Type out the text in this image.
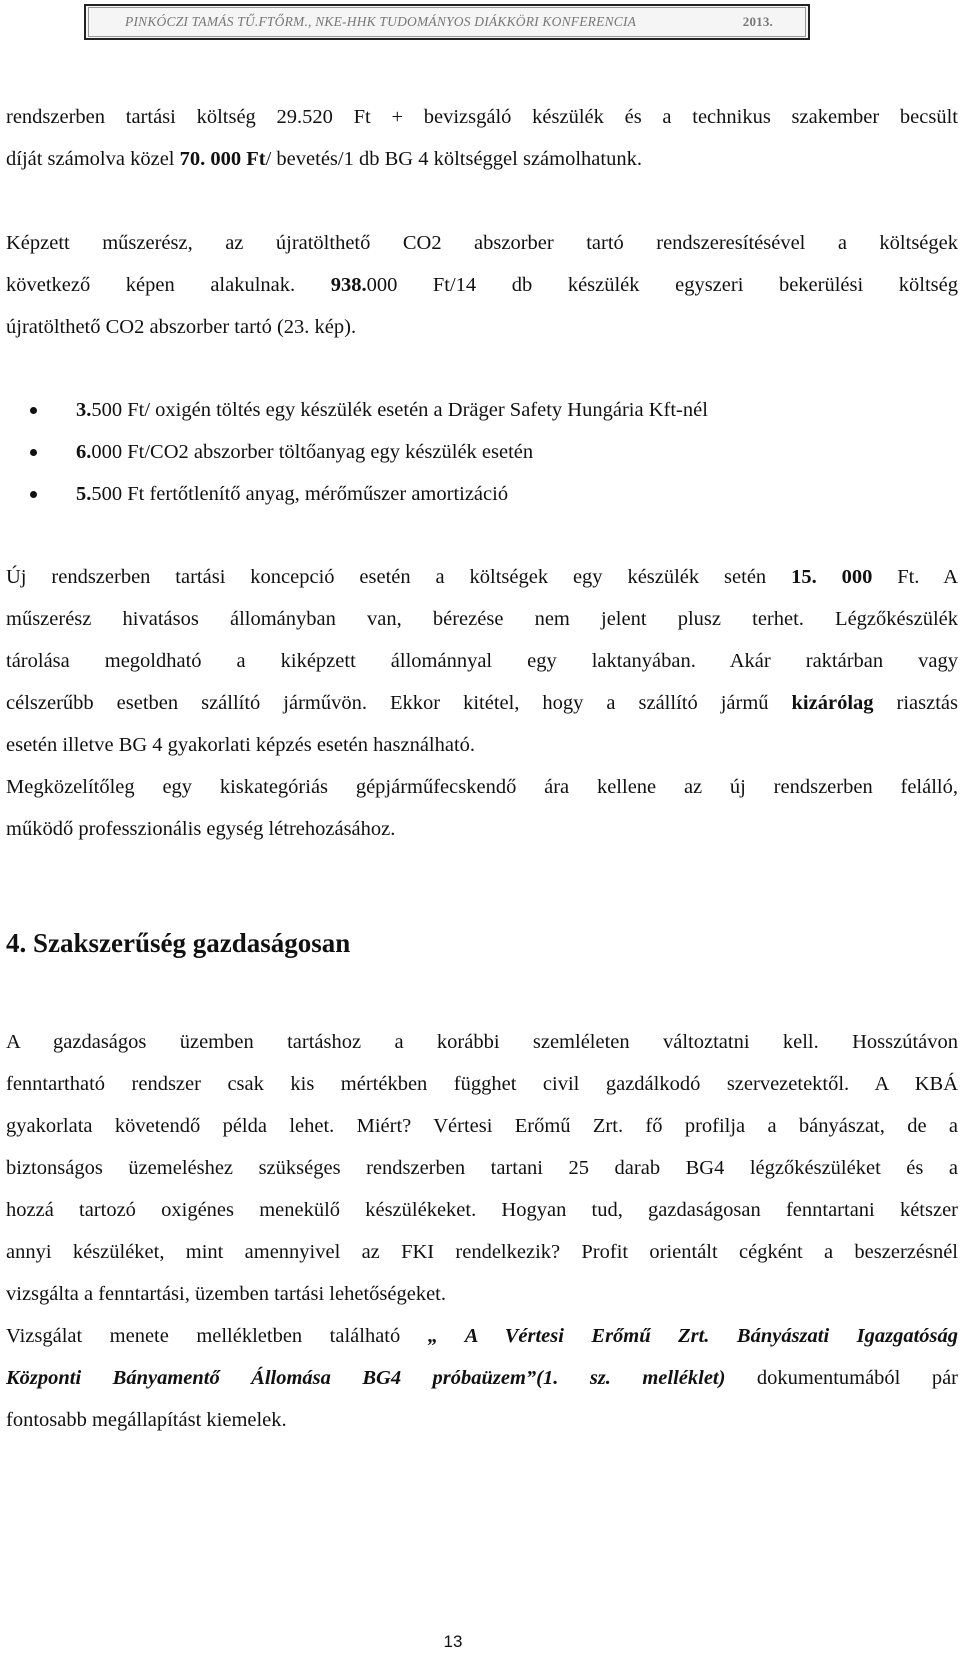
PINKÓCZI TAMÁS TŰ.FTŐRM., NKE-HHK TUDOMÁNYOS DIÁKKÖRI KONFERENCIA	2013.
rendszerben tartási költség 29.520 Ft + bevizsgáló készülék és a technikus szakember becsült
díját számolva közel 70. 000 Ft/ bevetés/1 db BG 4 költséggel számolhatunk.
Képzett műszerész, az újratölthető CO2 abszorber tartó rendszeresítésével a költségek
következő képen alakulnak. 938.000 Ft/14 db készülék egyszeri bekerülési költség
újratölthető CO2 abszorber tartó (23. kép).
3.500 Ft/ oxigén töltés egy készülék esetén a Dräger Safety Hungária Kft-nél
6.000 Ft/CO2 abszorber töltőanyag egy készülék esetén
5.500 Ft fertőtlenítő anyag, mérőműszer amortizáció
Új rendszerben tartási koncepció esetén a költségek egy készülék setén 15. 000 Ft. A
műszerész hivatásos állományban van, bérezése nem jelent plusz terhet. Légzőkészülék
tárolása megoldható a kiképzett állománnyal egy laktanyában. Akár raktárban vagy
célszerűbb esetben szállító járművön. Ekkor kitétel, hogy a szállító jármű kizárólag riasztás
esetén illetve BG 4 gyakorlati képzés esetén használható.
Megközelítőleg egy kiskategóriás gépjárműfecskendő ára kellene az új rendszerben felálló,
működő professzionális egység létrehozásához.
4. Szakszerűség gazdaságosan
A gazdaságos üzemben tartáshoz a korábbi szemléleten változtatni kell. Hosszútávon
fenntartható rendszer csak kis mértékben függhet civil gazdálkodó szervezetektől. A KBÁ
gyakorlata követendő példa lehet. Miért? Vértesi Erőmű Zrt. fő profilja a bányászat, de a
biztonságos üzemeléshez szükséges rendszerben tartani 25 darab BG4 légzőkészüléket és a
hozzá tartozó oxigénes menekülő készülékeket. Hogyan tud, gazdaságosan fenntartani kétszer
annyi készüléket, mint amennyivel az FKI rendelkezik? Profit orientált cégként a beszerzésnél
vizsgálta a fenntartási, üzemben tartási lehetőségeket.
Vizsgálat menete mellékletben található „ A Vértesi Erőmű Zrt. Bányászati Igazgatóság
Központi Bányamentő Állomása BG4 próbaüzem”(1. sz. melléklet) dokumentumából pár
fontosabb megállapítást kiemelek.
13
